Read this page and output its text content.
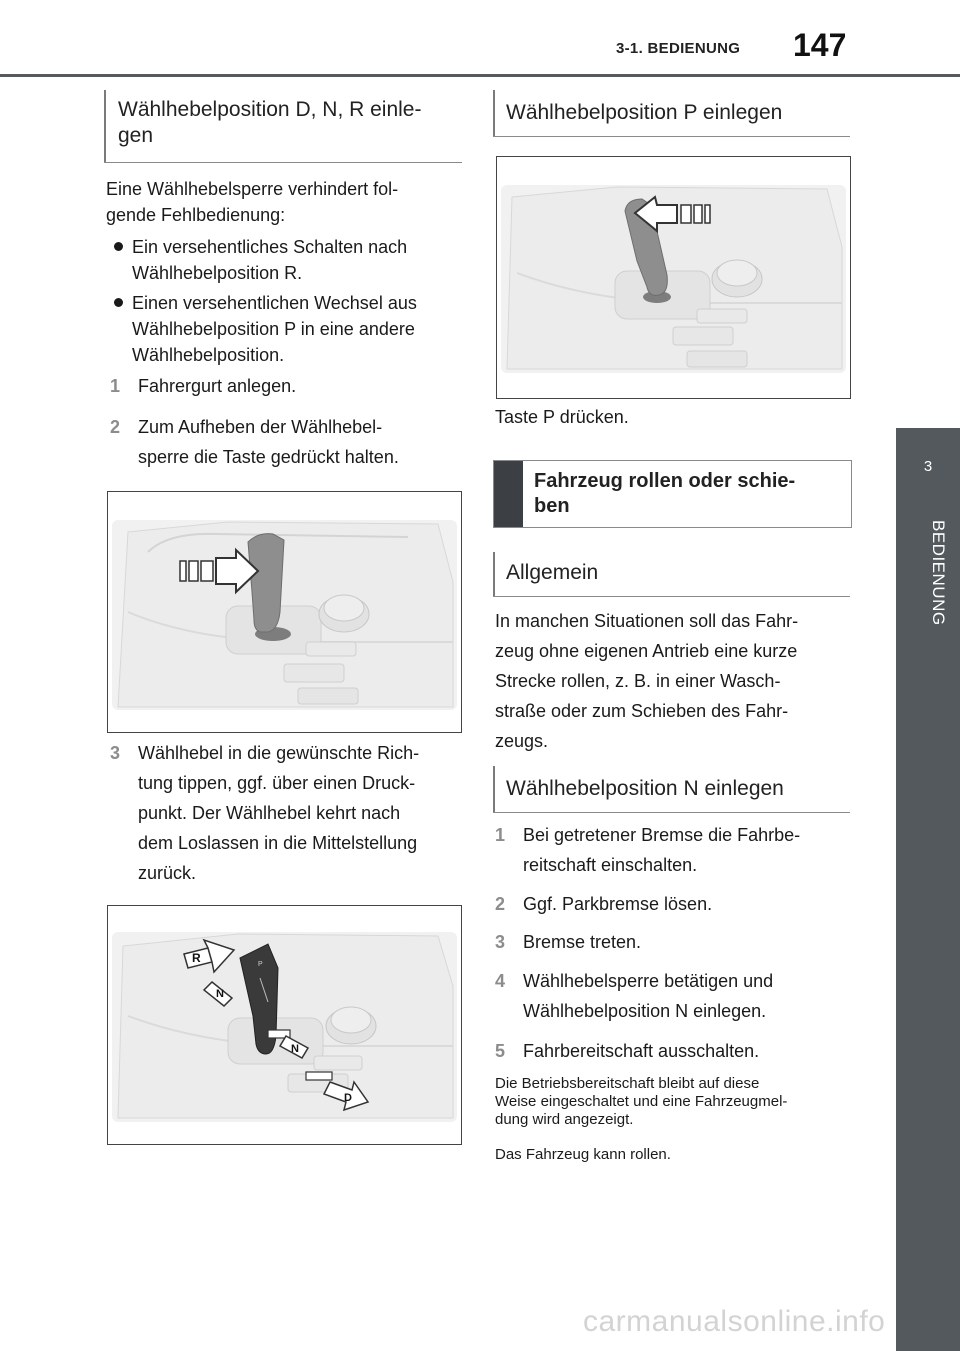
3-1. BEDIENUNG	147
3
BEDIENUNG
Wählhebelposition D, N, R einle-
gen
Eine Wählhebelsperre verhindert fol-
gende Fehlbedienung:
Ein versehentliches Schalten nach
Wählhebelposition R.
Einen versehentlichen Wechsel aus
Wählhebelposition P in eine andere
Wählhebelposition.
1 Fahrergurt anlegen.
2 Zum Aufheben der Wählhebel-
sperre die Taste gedrückt halten.
3 Wählhebel in die gewünschte Rich-
tung tippen, ggf. über einen Druck-
punkt. Der Wählhebel kehrt nach
dem Loslassen in die Mittelstellung
zurück.
P
R
N
N
D
Wählhebelposition P einlegen
Taste P drücken.
Fahrzeug rollen oder schie-
ben
Allgemein
In manchen Situationen soll das Fahr-
zeug ohne eigenen Antrieb eine kurze
Strecke rollen, z. B. in einer Wasch-
straße oder zum Schieben des Fahr-
zeugs.
Wählhebelposition N einlegen
1 Bei getretener Bremse die Fahrbe-
reitschaft einschalten.
2 Ggf. Parkbremse lösen.
3 Bremse treten.
4 Wählhebelsperre betätigen und
Wählhebelposition N einlegen.
5 Fahrbereitschaft ausschalten.
Die Betriebsbereitschaft bleibt auf diese
Weise eingeschaltet und eine Fahrzeugmel-
dung wird angezeigt.
Das Fahrzeug kann rollen.
carmanualsonline.info
